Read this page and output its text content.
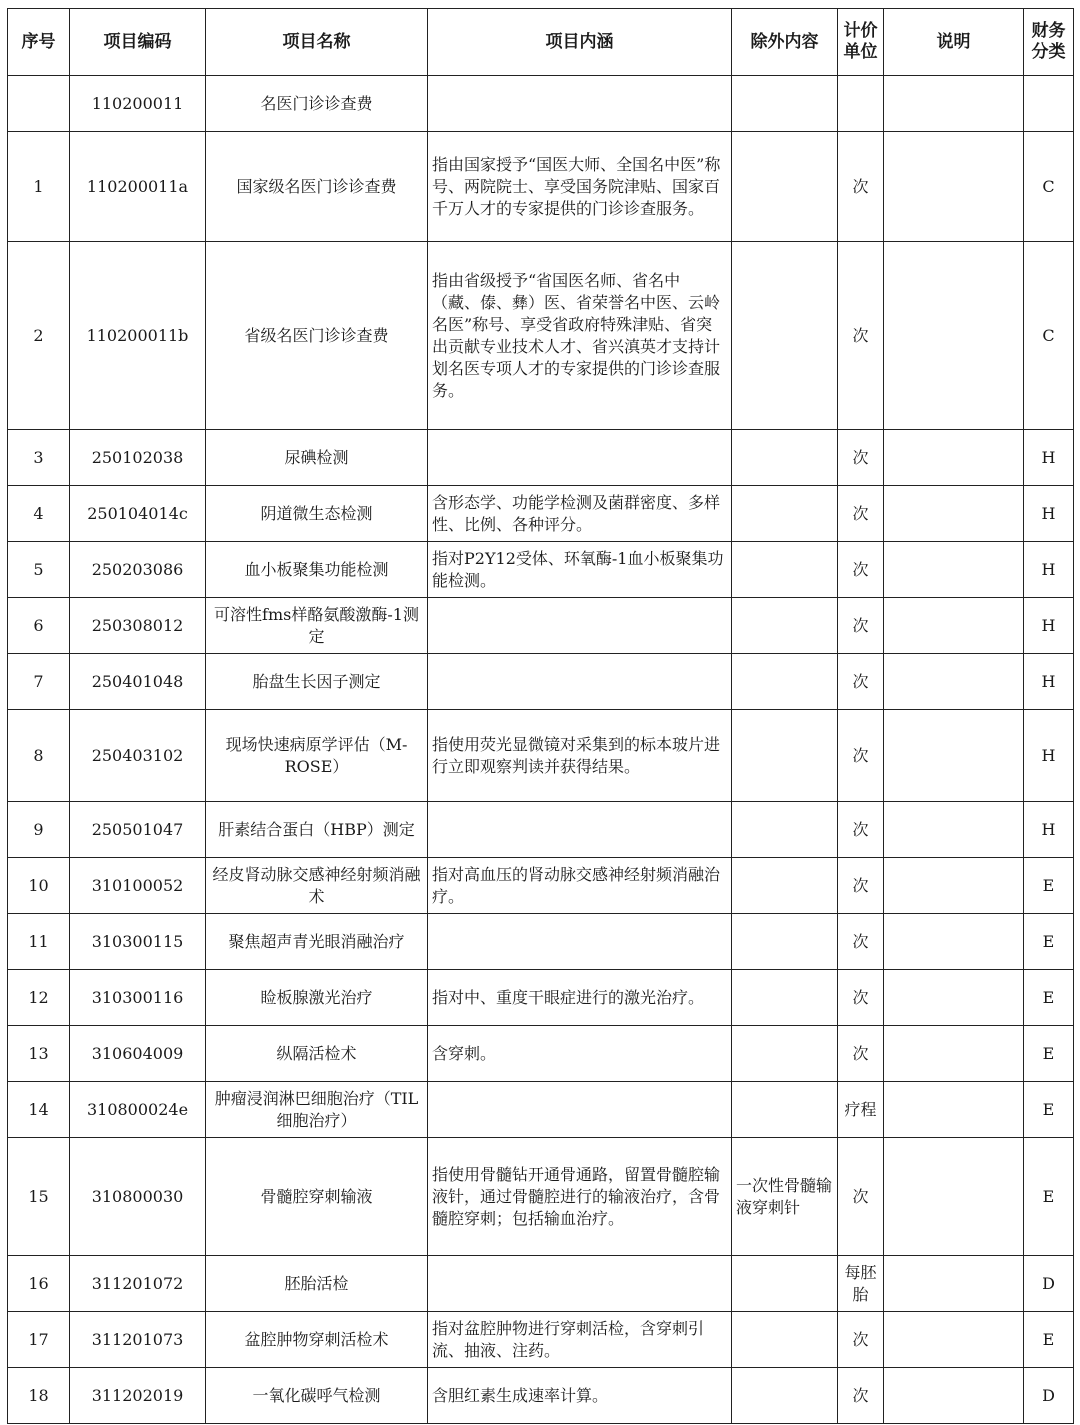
序号	项目编码	项目名称	项目内涵	除外内容	计价单位	说明	财务分类
	110200011	名医门诊诊查费					
1	110200011a	国家级名医门诊诊查费	指由国家授予“国医大师、全国名中医”称号、两院院士、享受国务院津贴、国家百千万人才的专家提供的门诊诊查服务。		次		C
2	110200011b	省级名医门诊诊查费	指由省级授予“省国医名师、省名中（藏、傣、彝）医、省荣誉名中医、云岭名医”称号、享受省政府特殊津贴、省突出贡献专业技术人才、省兴滇英才支持计划名医专项人才的专家提供的门诊诊查服务。		次		C
3	250102038	尿碘检测			次		H
4	250104014c	阴道微生态检测	含形态学、功能学检测及菌群密度、多样性、比例、各种评分。		次		H
5	250203086	血小板聚集功能检测	指对P2Y12受体、环氧酶-1血小板聚集功能检测。		次		H
6	250308012	可溶性fms样酪氨酸激酶-1测定			次		H
7	250401048	胎盘生长因子测定			次		H
8	250403102	现场快速病原学评估（M-ROSE）	指使用荧光显微镜对采集到的标本玻片进行立即观察判读并获得结果。		次		H
9	250501047	肝素结合蛋白（HBP）测定			次		H
10	310100052	经皮肾动脉交感神经射频消融术	指对高血压的肾动脉交感神经射频消融治疗。		次		E
11	310300115	聚焦超声青光眼消融治疗			次		E
12	310300116	睑板腺激光治疗	指对中、重度干眼症进行的激光治疗。		次		E
13	310604009	纵隔活检术	含穿刺。		次		E
14	310800024e	肿瘤浸润淋巴细胞治疗（TIL细胞治疗）			疗程		E
15	310800030	骨髓腔穿刺输液	指使用骨髓钻开通骨通路，留置骨髓腔输液针，通过骨髓腔进行的输液治疗，含骨髓腔穿刺；包括输血治疗。	一次性骨髓输液穿刺针	次		E
16	311201072	胚胎活检			每胚胎		D
17	311201073	盆腔肿物穿刺活检术	指对盆腔肿物进行穿刺活检，含穿刺引流、抽液、注药。		次		E
18	311202019	一氧化碳呼气检测	含胆红素生成速率计算。		次		D
